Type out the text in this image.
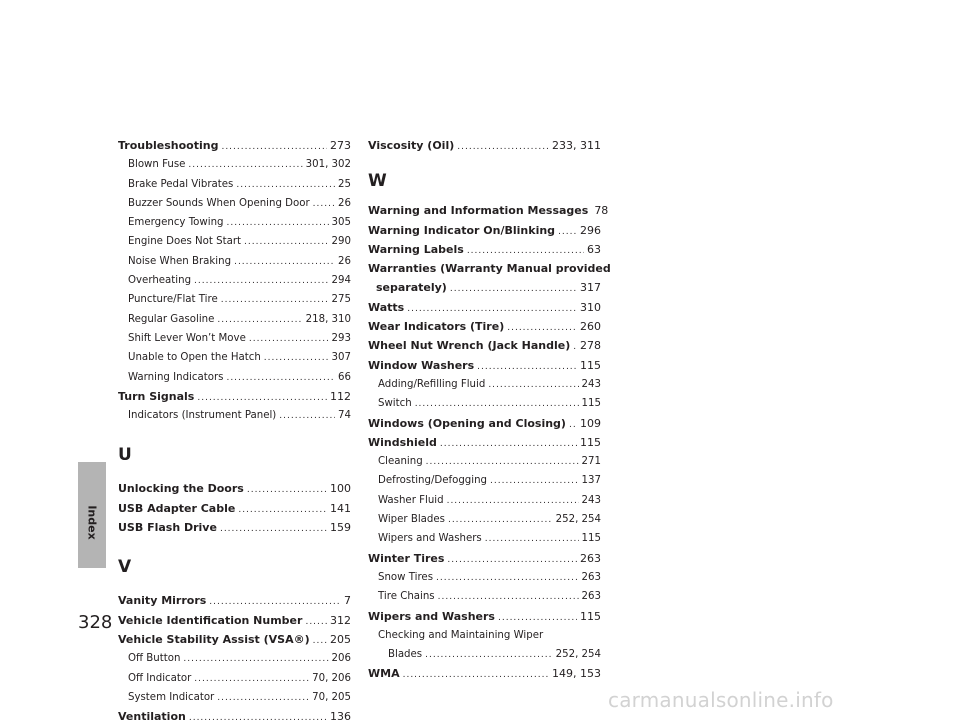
Index
Troubleshooting .....	273
Blown Fuse .....	301, 302
Brake Pedal Vibrates .....	25
Buzzer Sounds When Opening Door .....	26
Emergency Towing .....	305
Engine Does Not Start .....	290
Noise When Braking .....	26
Overheating .....	294
Puncture/Flat Tire .....	275
Regular Gasoline .....	218, 310
Shift Lever Won’t Move .....	293
Unable to Open the Hatch .....	307
Warning Indicators .....	66
Turn Signals .....	112
Indicators (Instrument Panel) .....	74
U
Unlocking the Doors .....	100
USB Adapter Cable .....	141
USB Flash Drive .....	159
V
Vanity Mirrors .....	7
Vehicle Identification Number .....	312
Vehicle Stability Assist (VSA®) ..... 205
Off Button .....	206
Off Indicator .....	70, 206
System Indicator .....	70, 205
Ventilation .....	136
Viscosity (Oil) .....	233, 311
W
Warning and Information Messages 78
Warning Indicator On/Blinking ..... 296
Warning Labels .....	63
Warranties (Warranty Manual provided
separately) .....	317
Watts .....	310
Wear Indicators (Tire) .....	260
Wheel Nut Wrench (Jack Handle) ..... 278
Window Washers .....	115
Adding/Refilling Fluid .....	243
Switch .....	115
Windows (Opening and Closing) ..... 109
Windshield .....	115
Cleaning .....	271
Defrosting/Defogging .....	137
Washer Fluid .....	243
Wiper Blades .....	252, 254
Wipers and Washers .....	115
Winter Tires .....	263
Snow Tires .....	263
Tire Chains .....	263
Wipers and Washers .....	115
Checking and Maintaining Wiper
Blades .....	252, 254
WMA .....	149, 153
328
carmanualsonline.info
